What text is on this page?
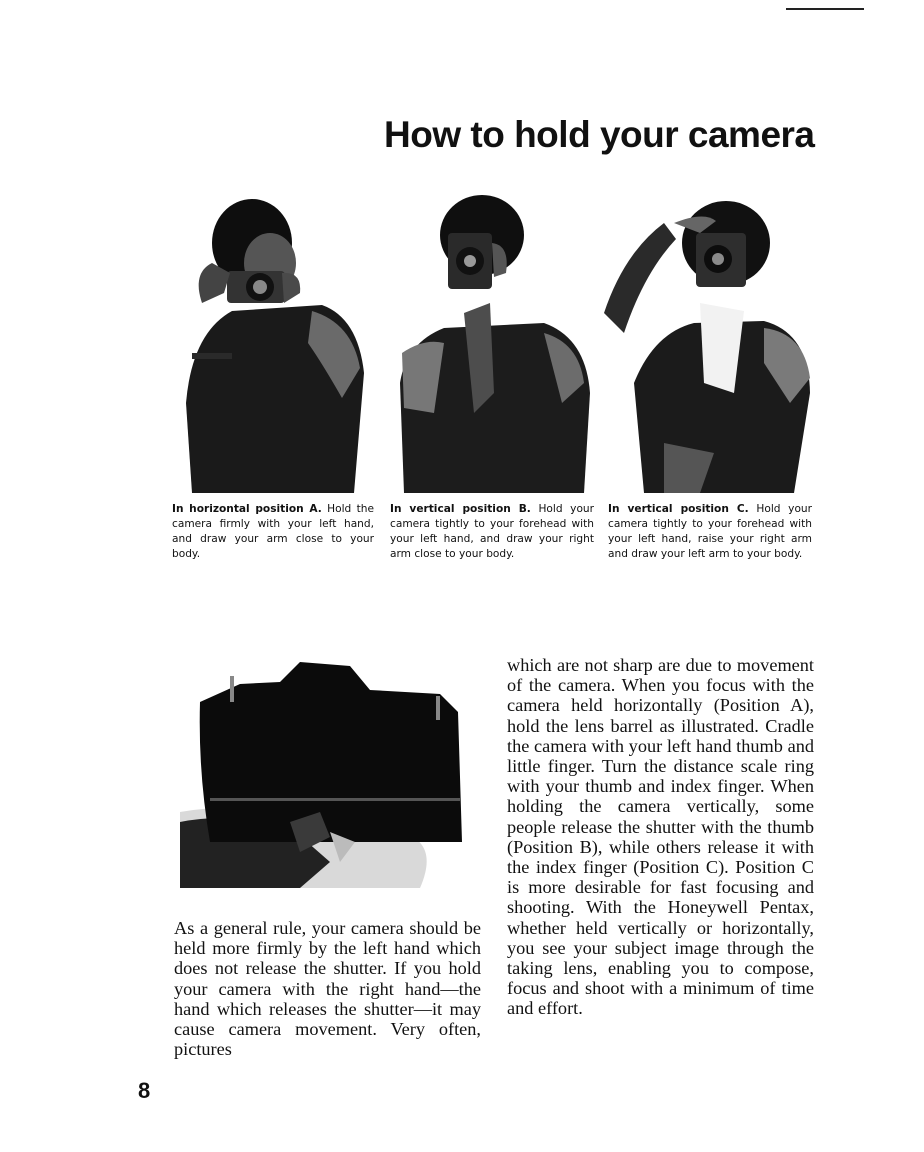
How to hold your camera
In horizontal position A. Hold the camera firmly with your left hand, and draw your arm close to your body.
In vertical position B. Hold your camera tightly to your forehead with your left hand, and draw your right arm close to your body.
In vertical position C. Hold your camera tightly to your forehead with your left hand, raise your right arm and draw your left arm to your body.
As a general rule, your camera should be held more firmly by the left hand which does not release the shutter. If you hold your camera with the right hand—the hand which releases the shutter—it may cause camera movement. Very often, pictures
which are not sharp are due to movement of the camera. When you focus with the camera held horizontally (Position A), hold the lens barrel as illustrated. Cradle the camera with your left hand thumb and little finger. Turn the distance scale ring with your thumb and index finger. When holding the camera vertically, some people release the shutter with the thumb (Position B), while others release it with the index finger (Position C). Position C is more desirable for fast focusing and shooting. With the Honeywell Pentax, whether held vertically or horizontally, you see your subject image through the taking lens, enabling you to compose, focus and shoot with a minimum of time and effort.
8
